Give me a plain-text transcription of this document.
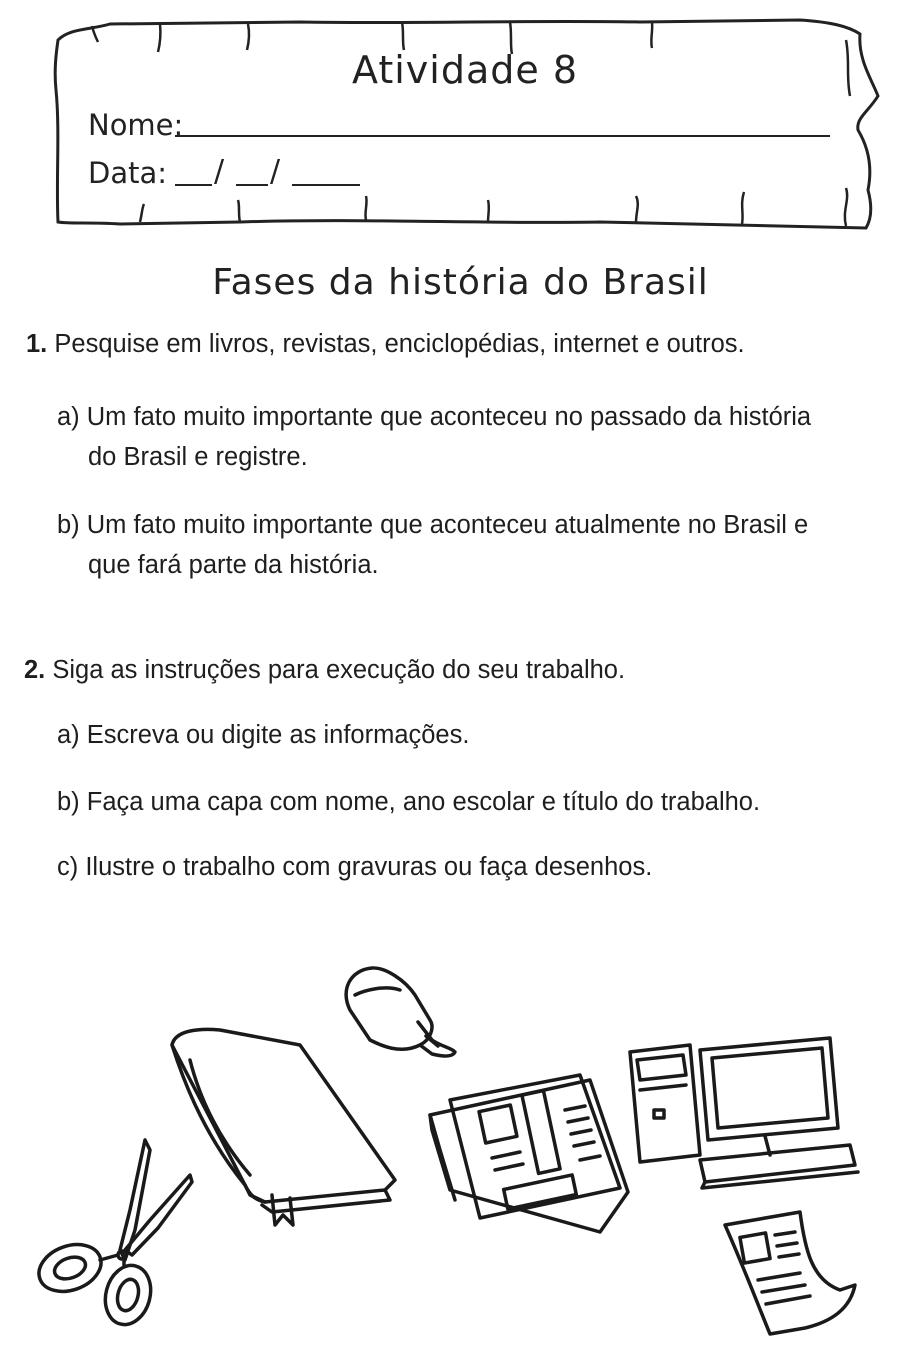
Atividade 8
Nome:
Data: / /
Fases da história do Brasil
1. Pesquise em livros, revistas, enciclopédias, internet e outros.
a) Um fato muito importante que aconteceu no passado da história
do Brasil e registre.
b) Um fato muito importante que aconteceu atualmente no Brasil e
que fará parte da história.
2. Siga as instruções para execução do seu trabalho.
a) Escreva ou digite as informações.
b) Faça uma capa com nome, ano escolar e título do trabalho.
c) Ilustre o trabalho com gravuras ou faça desenhos.
